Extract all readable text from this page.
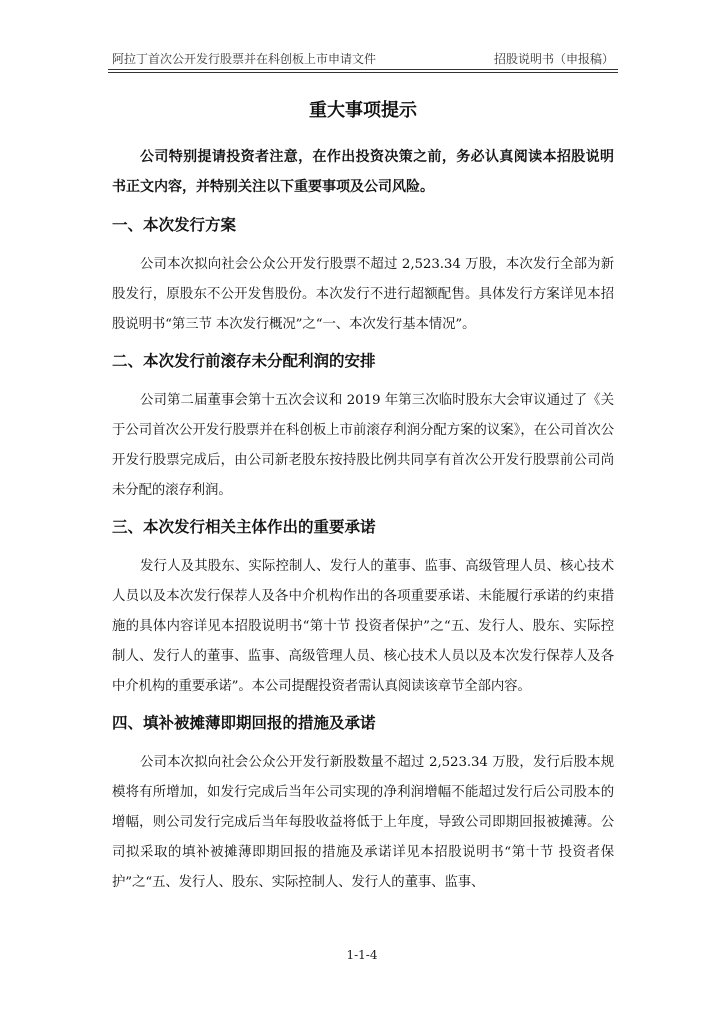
阿拉丁首次公开发行股票并在科创板上市申请文件	招股说明书（申报稿）
重大事项提示

公司特别提请投资者注意，在作出投资决策之前，务必认真阅读本招股说明书正文内容，并特别关注以下重要事项及公司风险。

一、本次发行方案

公司本次拟向社会公众公开发行股票不超过 2,523.34 万股，本次发行全部为新股发行，原股东不公开发售股份。本次发行不进行超额配售。具体发行方案详见本招股说明书“第三节 本次发行概况”之“一、本次发行基本情况”。

二、本次发行前滚存未分配利润的安排

公司第二届董事会第十五次会议和 2019 年第三次临时股东大会审议通过了《关于公司首次公开发行股票并在科创板上市前滚存利润分配方案的议案》，在公司首次公开发行股票完成后，由公司新老股东按持股比例共同享有首次公开发行股票前公司尚未分配的滚存利润。

三、本次发行相关主体作出的重要承诺

发行人及其股东、实际控制人、发行人的董事、监事、高级管理人员、核心技术人员以及本次发行保荐人及各中介机构作出的各项重要承诺、未能履行承诺的约束措施的具体内容详见本招股说明书“第十节 投资者保护”之“五、发行人、股东、实际控制人、发行人的董事、监事、高级管理人员、核心技术人员以及本次发行保荐人及各中介机构的重要承诺”。本公司提醒投资者需认真阅读该章节全部内容。

四、填补被摊薄即期回报的措施及承诺

公司本次拟向社会公众公开发行新股数量不超过 2,523.34 万股，发行后股本规模将有所增加，如发行完成后当年公司实现的净利润增幅不能超过发行后公司股本的增幅，则公司发行完成后当年每股收益将低于上年度，导致公司即期回报被摊薄。公司拟采取的填补被摊薄即期回报的措施及承诺详见本招股说明书“第十节 投资者保护”之“五、发行人、股东、实际控制人、发行人的董事、监事、

1-1-4
